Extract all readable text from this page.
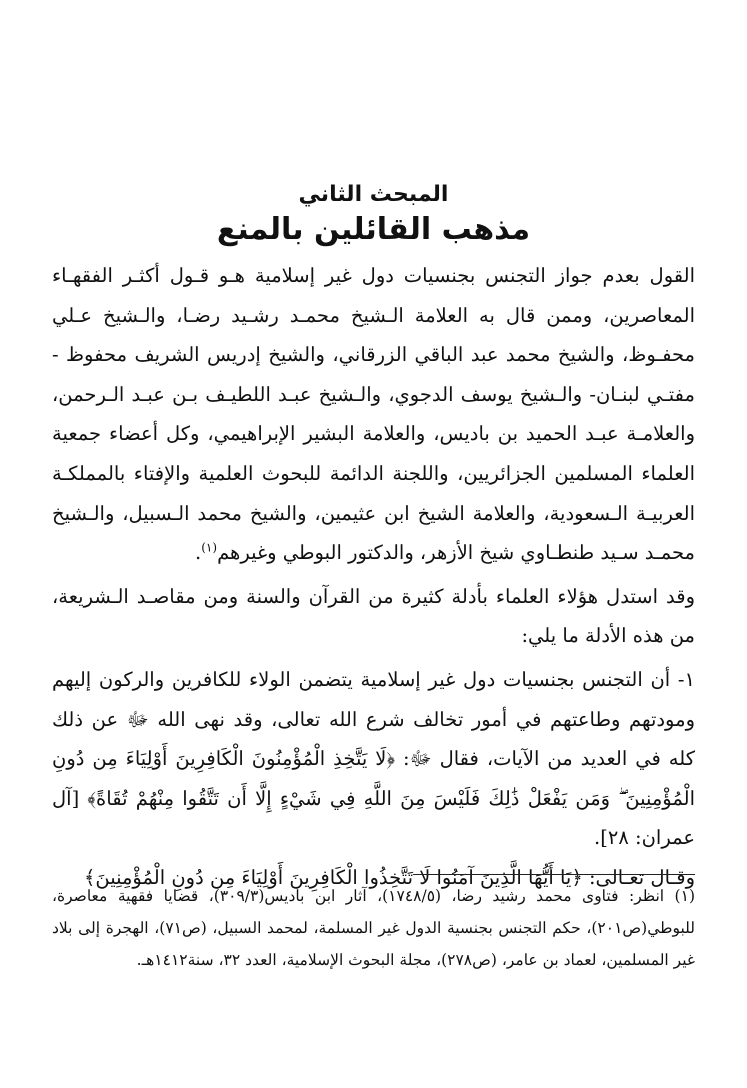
المبحث الثاني
مذهب القائلين بالمنع

القول بعدم جواز التجنس بجنسيات دول غير إسلامية هـو قـول أكثـر الفقهـاء المعاصرين، وممن قال به العلامة الـشيخ محمـد رشـيد رضـا، والـشيخ عـلي محفـوظ، والشيخ محمد عبد الباقي الزرقاني، والشيخ إدريس الشريف محفوظ - مفتـي لبنـان- والـشيخ يوسف الدجوي، والـشيخ عبـد اللطيـف بـن عبـد الـرحمن، والعلامـة عبـد الحميد بن باديس، والعلامة البشير الإبراهيمي، وكل أعضاء جمعية العلماء المسلمين الجزائريين، واللجنة الدائمة للبحوث العلمية والإفتاء بالمملكـة العربيـة الـسعودية، والعلامة الشيخ ابن عثيمين، والشيخ محمد الـسبيل، والـشيخ محمـد سـيد طنطـاوي شيخ الأزهر، والدكتور البوطي وغيرهم$^{(١)}$.

وقد استدل هؤلاء العلماء بأدلة كثيرة من القرآن والسنة ومن مقاصـد الـشريعة، من هذه الأدلة ما يلي:

١- أن التجنس بجنسيات دول غير إسلامية يتضمن الولاء للكافرين والركون إليهم ومودتهم وطاعتهم في أمور تخالف شرع الله تعالى، وقد نهى الله ﷻ عن ذلك كله في العديد من الآيات، فقال ﷻ: ﴿لَا يَتَّخِذِ الْمُؤْمِنُونَ الْكَافِرِينَ أَوْلِيَاءَ مِن دُونِ الْمُؤْمِنِينَ ۖ وَمَن يَفْعَلْ ذَٰلِكَ فَلَيْسَ مِنَ اللَّهِ فِي شَيْءٍ إِلَّا أَن تَتَّقُوا مِنْهُمْ تُقَاةً﴾ [آل عمران: ٢٨].

وقـال تعـالى: ﴿يَا أَيُّهَا الَّذِينَ آمَنُوا لَا تَتَّخِذُوا الْكَافِرِينَ أَوْلِيَاءَ مِن دُونِ الْمُؤْمِنِينَ﴾

(١) انظر: فتاوى محمد رشيد رضا، (١٧٤٨/٥)، آثار ابن باديس(٣٠٩/٣)، قضايا فقهية معاصرة، للبوطي(ص٢٠١)، حكم التجنس بجنسية الدول غير المسلمة، لمحمد السبيل، (ص٧١)، الهجرة إلى بلاد غير المسلمين، لعماد بن عامر، (ص٢٧٨)، مجلة البحوث الإسلامية، العدد ٣٢، سنة١٤١٢هـ.
